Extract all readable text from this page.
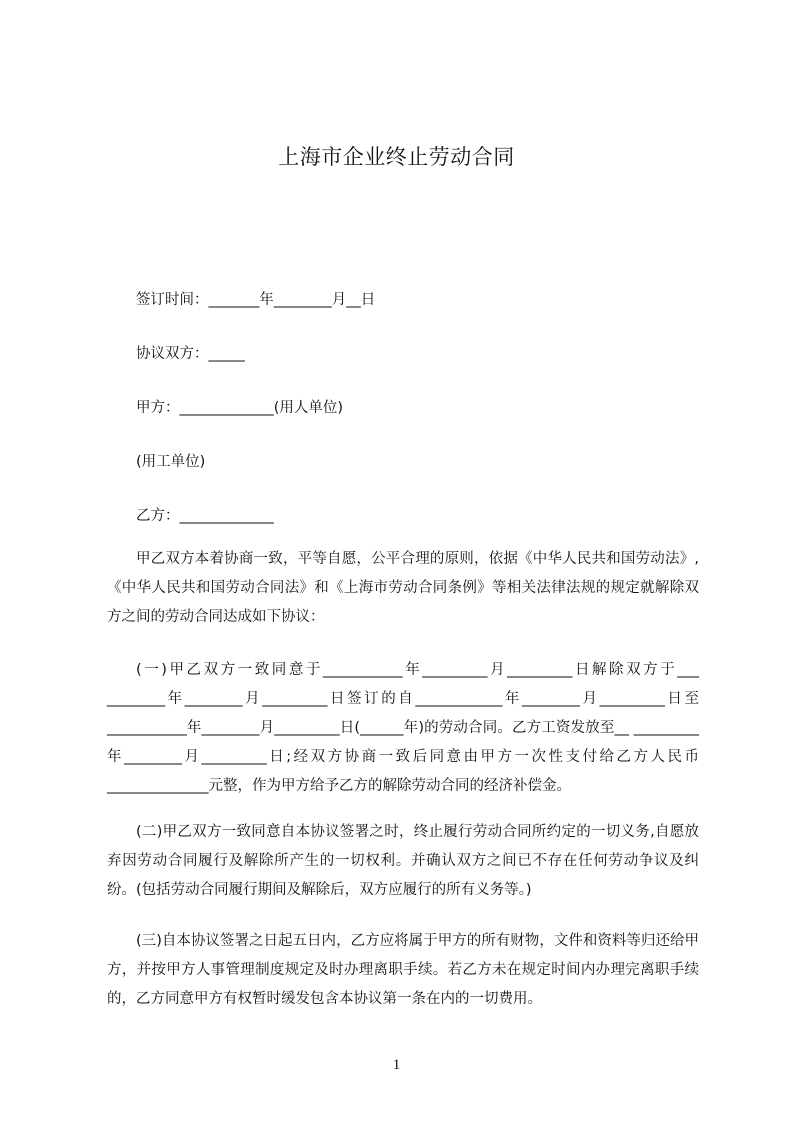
上海市企业终止劳动合同

签订时间：_______年________月__日

协议双方：_____

甲方：_____________(用人单位)

(用工单位)

乙方：_____________

甲乙双方本着协商一致，平等自愿，公平合理的原则，依据《中华人民共和国劳动法》,《中华人民共和国劳动合同法》和《上海市劳动合同条例》等相关法律法规的规定就解除双方之间的劳动合同达成如下协议：

(一)甲乙双方一致同意于___________年_________月_________日解除双方于___ ________年________月_________日签订的自____________年________月_________日至___________年________月_________日(______年)的劳动合同。乙方工资发放至__ _________年________月_________日;经双方协商一致后同意由甲方一次性支付给乙方人民币______________元整，作为甲方给予乙方的解除劳动合同的经济补偿金。

(二)甲乙双方一致同意自本协议签署之时，终止履行劳动合同所约定的一切义务,自愿放弃因劳动合同履行及解除所产生的一切权利。并确认双方之间已不存在任何劳动争议及纠纷。(包括劳动合同履行期间及解除后，双方应履行的所有义务等。)

(三)自本协议签署之日起五日内，乙方应将属于甲方的所有财物，文件和资料等归还给甲方，并按甲方人事管理制度规定及时办理离职手续。若乙方未在规定时间内办理完离职手续的，乙方同意甲方有权暂时缓发包含本协议第一条在内的一切费用。

1
